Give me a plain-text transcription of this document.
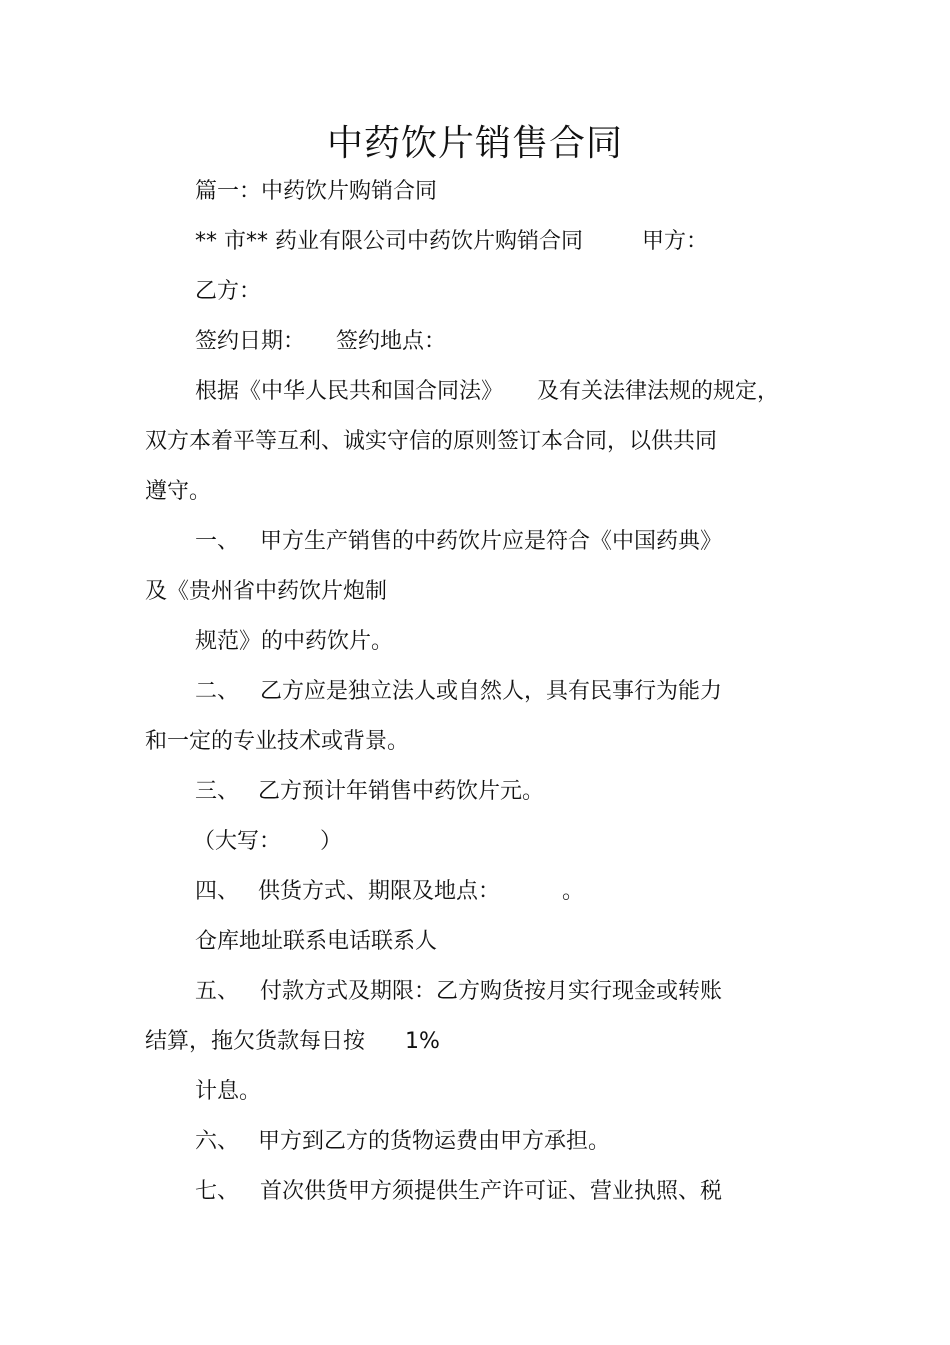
中药饮片销售合同
篇一：中药饮片购销合同
** 市** 药业有限公司中药饮片购销合同	甲方：
乙方：
签约日期： 签约地点：
根据《中华人民共和国合同法》 及有关法律法规的规定，
双方本着平等互利、诚实守信的原则签订本合同，以供共同
遵守。
一、 甲方生产销售的中药饮片应是符合《中国药典》
及《贵州省中药饮片炮制
规范》的中药饮片。
二、 乙方应是独立法人或自然人，具有民事行为能力
和一定的专业技术或背景。
三、 乙方预计年销售中药饮片元。
（大写： ）
四、 供货方式、期限及地点：	。
仓库地址联系电话联系人
五、 付款方式及期限：乙方购货按月实行现金或转账
结算，拖欠货款每日按 1%
计息。
六、 甲方到乙方的货物运费由甲方承担。
七、 首次供货甲方须提供生产许可证、营业执照、税
